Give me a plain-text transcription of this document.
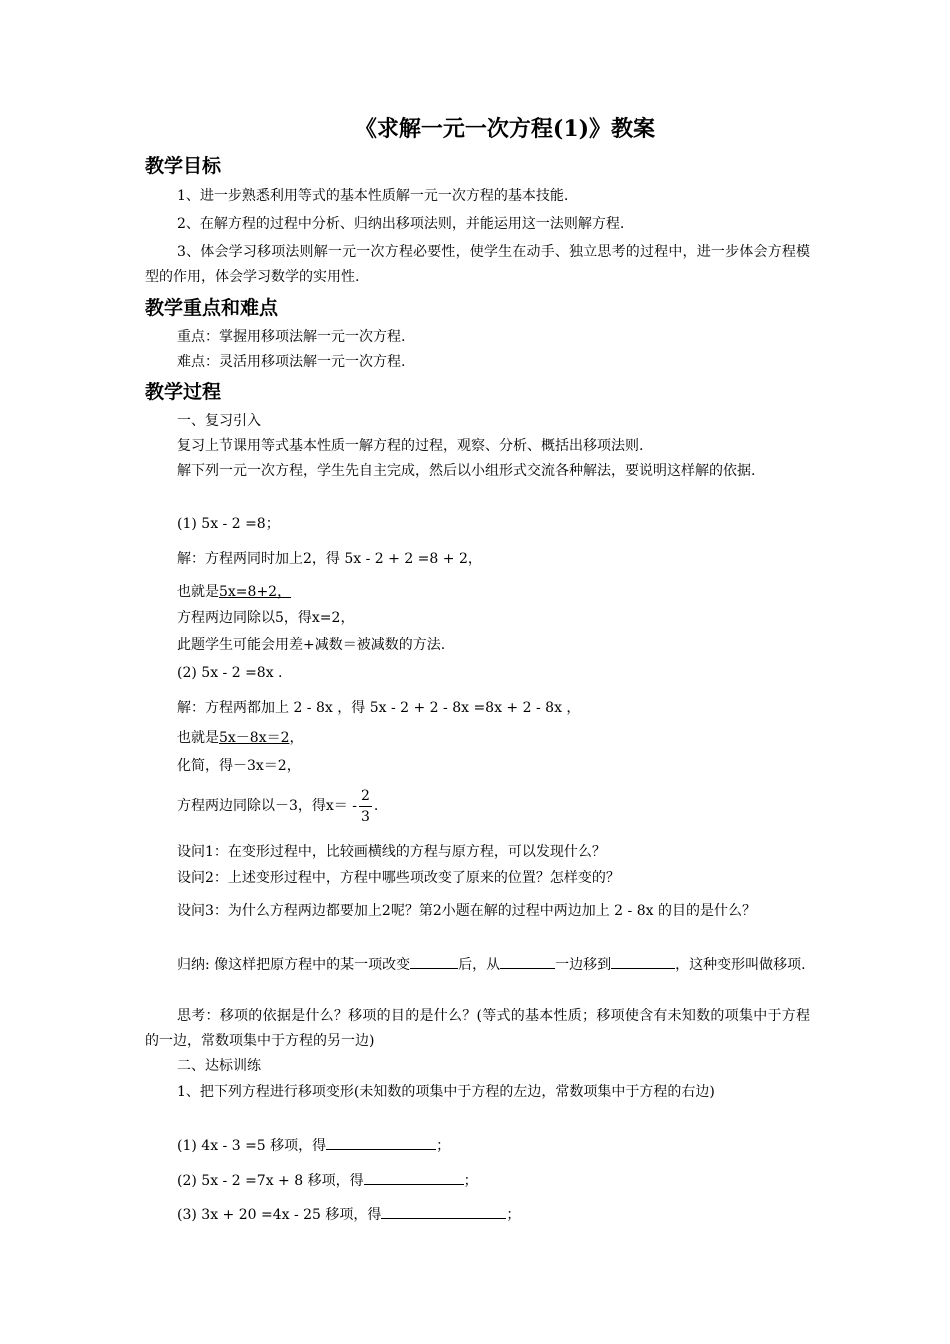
《求解一元一次方程(1)》教案
教学目标

1、进一步熟悉利用等式的基本性质解一元一次方程的基本技能.

2、在解方程的过程中分析、归纳出移项法则，并能运用这一法则解方程.

3、体会学习移项法则解一元一次方程必要性，使学生在动手、独立思考的过程中，进一步体会方程模型的作用，体会学习数学的实用性.

教学重点和难点

重点：掌握用移项法解一元一次方程.

难点：灵活用移项法解一元一次方程.

教学过程

一、复习引入

复习上节课用等式基本性质一解方程的过程，观察、分析、概括出移项法则.

解下列一元一次方程，学生先自主完成，然后以小组形式交流各种解法，要说明这样解的依据.

(1) 5x - 2 =8；
解：方程两同时加上2，得 5x - 2 + 2 =8 + 2，
也就是5x=8+2，
方程两边同除以5，得x=2，
此题学生可能会用差+减数＝被减数的方法.
(2) 5x - 2 =8x .
解：方程两都加上 2 - 8x ，得 5x - 2 + 2 - 8x =8x + 2 - 8x ，
也就是5x－8x＝2，
化简，得－3x＝2，
方程两边同除以－3，得$x= - \frac{2}{3}$ .

设问1：在变形过程中，比较画横线的方程与原方程，可以发现什么？

设问2：上述变形过程中，方程中哪些项改变了原来的位置？怎样变的？

设问3：为什么方程两边都要加上2呢？第2小题在解的过程中两边加上 2 - 8x 的目的是什么？

归纳: 像这样把原方程中的某一项改变	后，从	一边移到	，这种变形叫做移项.

思考：移项的依据是什么？移项的目的是什么？(等式的基本性质；移项使含有未知数的项集中于方程的一边，常数项集中于方程的另一边)

二、达标训练

1、把下列方程进行移项变形(未知数的项集中于方程的左边，常数项集中于方程的右边)

(1) 4x - 3 =5 移项，得	；
(2) 5x - 2 =7x + 8 移项，得	；
(3) 3x + 20 =4x - 25 移项，得	；
